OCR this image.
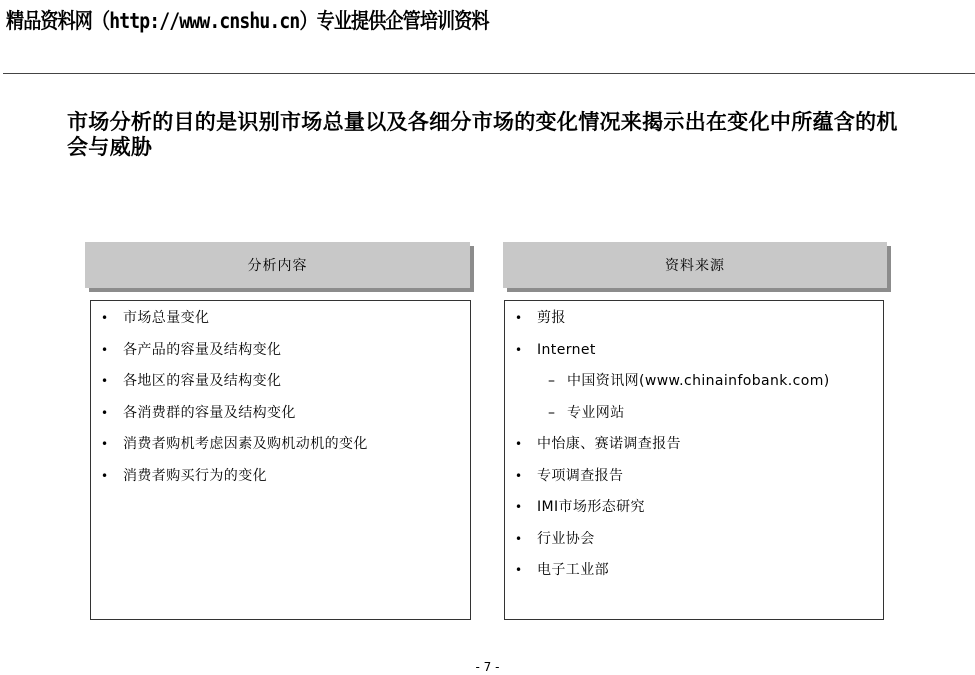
精品资料网（http://www.cnshu.cn）专业提供企管培训资料
市场分析的目的是识别市场总量以及各细分市场的变化情况来揭示出在变化中所蕴含的机会与威胁
分析内容
• 市场总量变化
• 各产品的容量及结构变化
• 各地区的容量及结构变化
• 各消费群的容量及结构变化
• 消费者购机考虑因素及购机动机的变化
• 消费者购买行为的变化
资料来源
• 剪报
• Internet
– 中国资讯网(www.chinainfobank.com)
– 专业网站
• 中怡康、赛诺调查报告
• 专项调查报告
• IMI市场形态研究
• 行业协会
• 电子工业部
- 7 -
